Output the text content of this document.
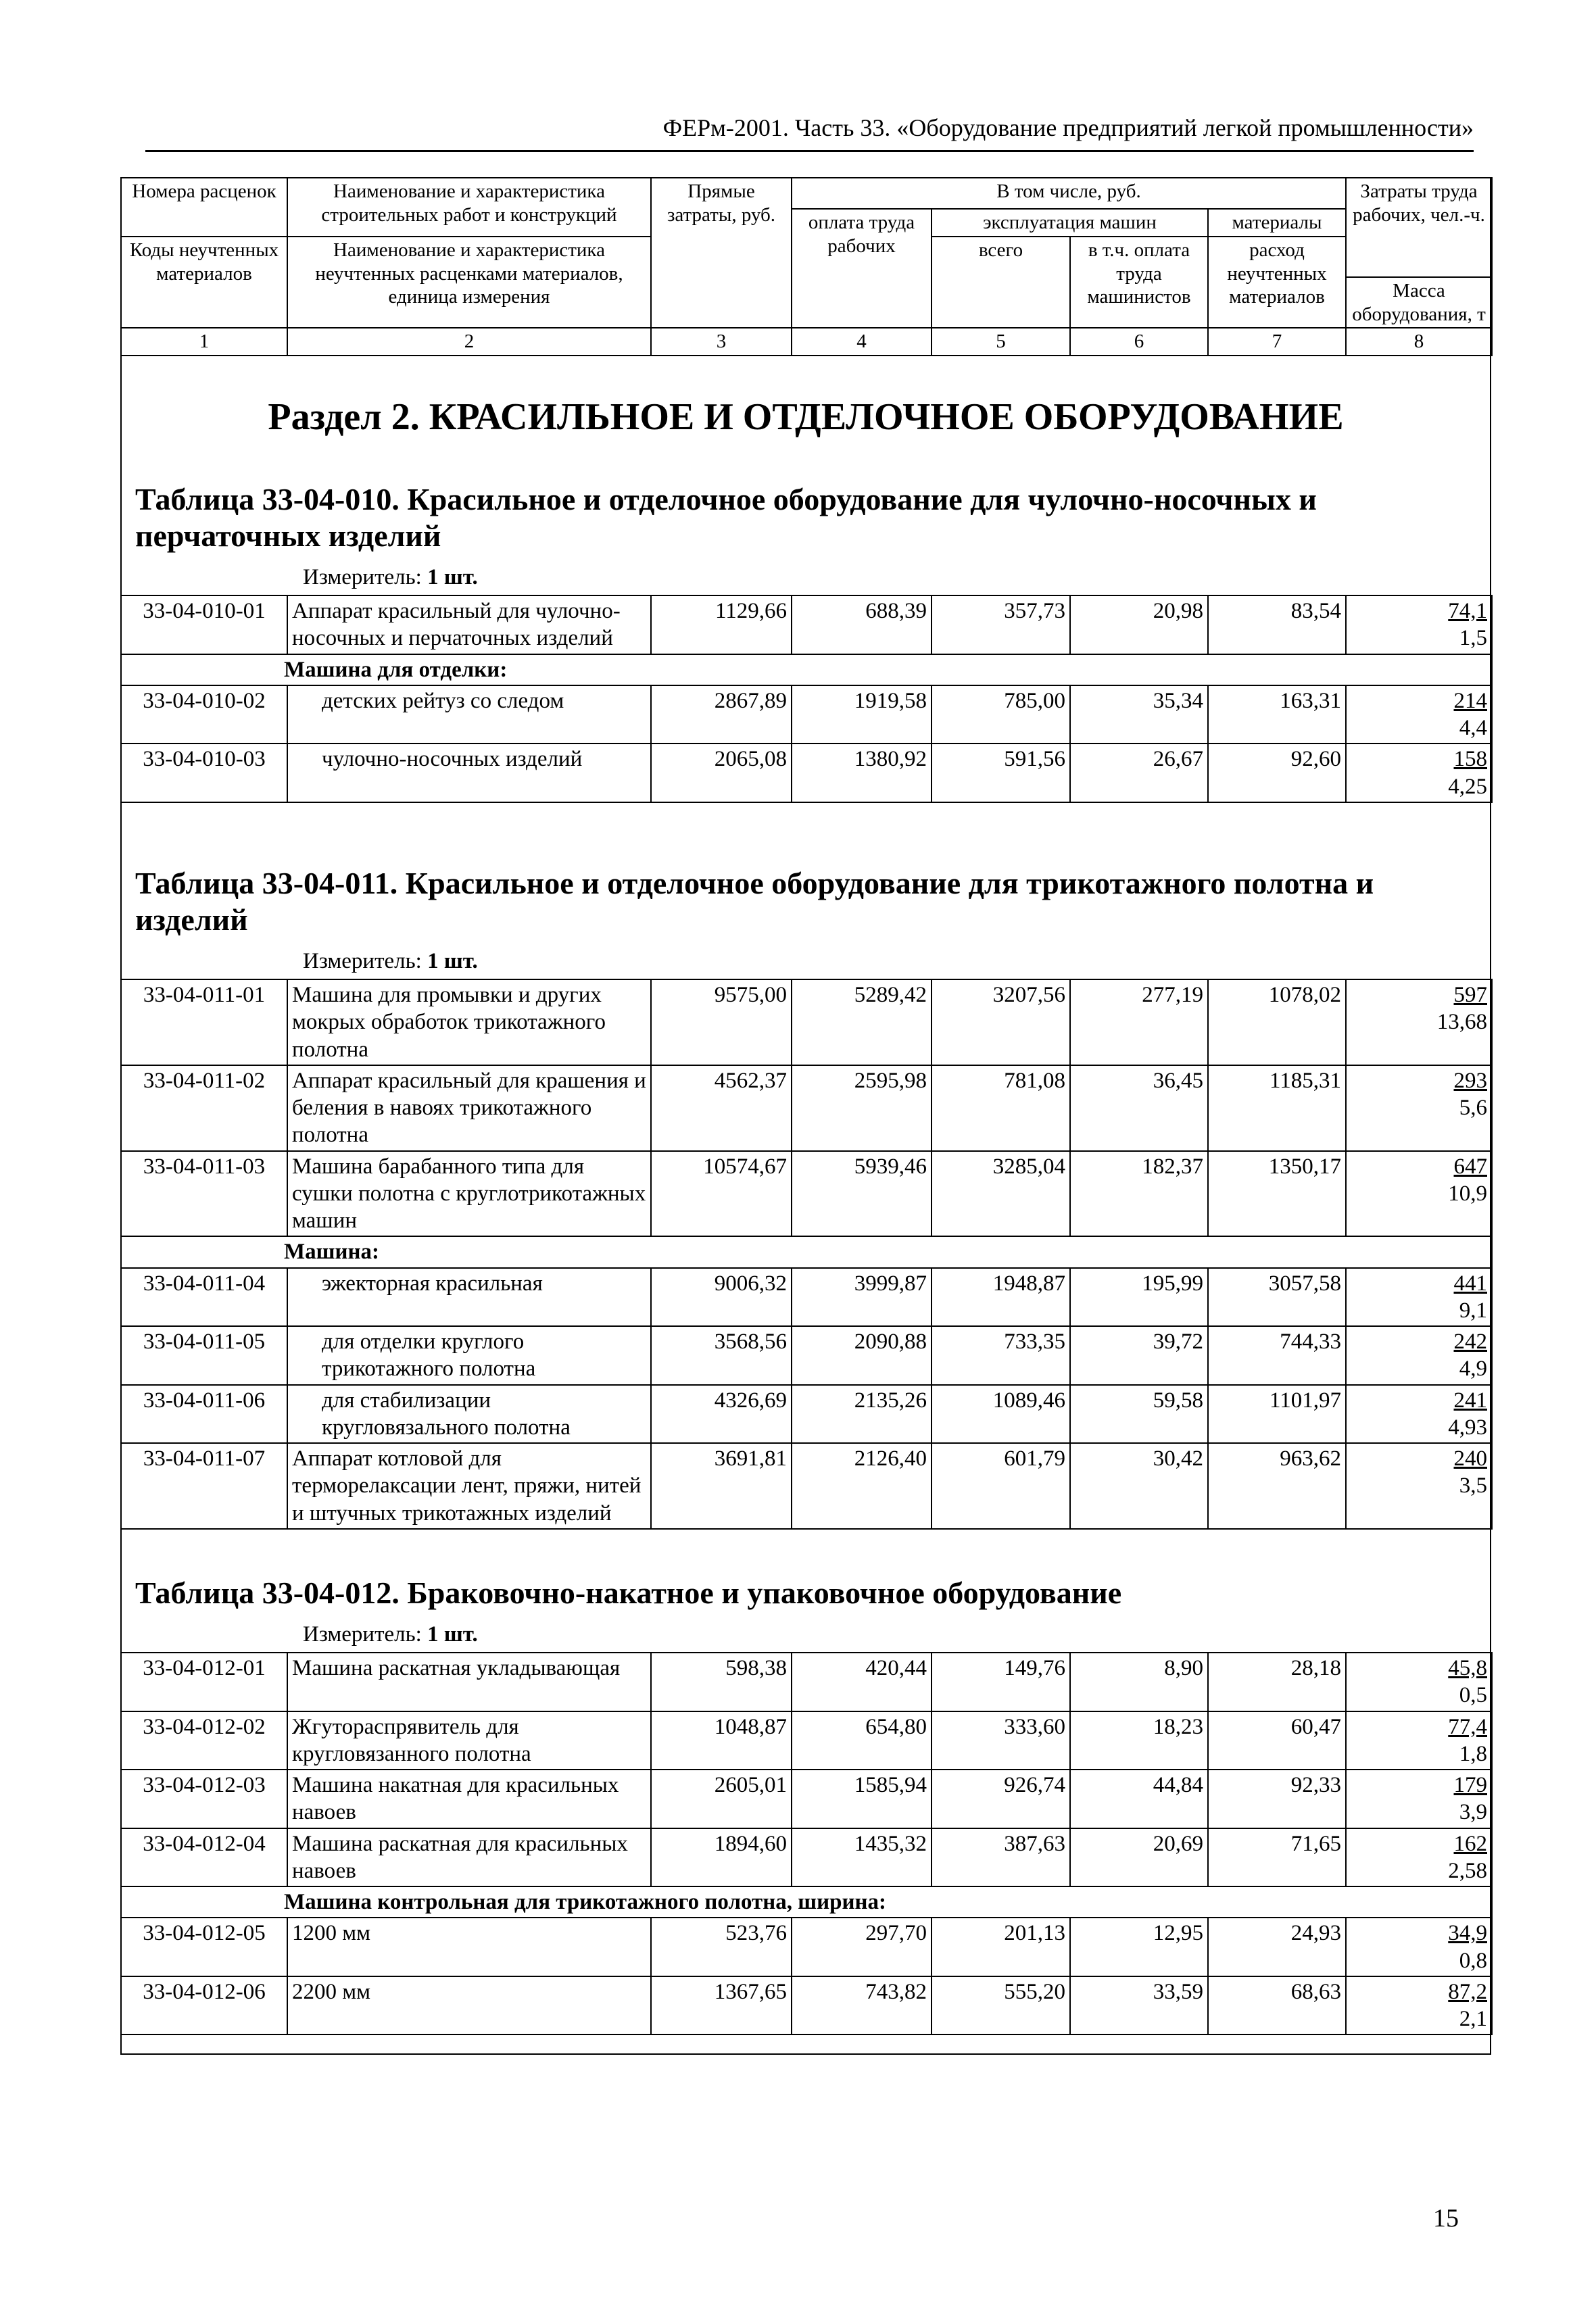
ФЕРм-2001. Часть 33. «Оборудование предприятий легкой промышленности»
Номера расценок	Наименование и характеристика строительных работ и конструкций	Прямые затраты, руб.	В том числе, руб.				Затраты труда рабочих, чел.-ч.
			оплата труда рабочих	эксплуатация машин		материалы	
Коды неучтенных материалов	Наименование и характеристика неучтенных расценками материалов, единица измерения			всего	в т.ч. оплата труда машинистов	расход неучтенных материалов	
							Масса оборудования, т
1	2	3	4	5	6	7	8
Раздел 2. КРАСИЛЬНОЕ И ОТДЕЛОЧНОЕ ОБОРУДОВАНИЕ
Таблица 33-04-010. Красильное и отделочное оборудование для чулочно-носочных и перчаточных изделий
Измеритель: 1 шт.
33-04-010-01	Аппарат красильный для чулочно-носочных и перчаточных изделий	1129,66	688,39	357,73	20,98	83,54	74,1
1,5

Машина для отделки:							
33-04-010-02	детских рейтуз со следом	2867,89	1919,58	785,00	35,34	163,31	214
4,4

33-04-010-03	чулочно-носочных изделий	2065,08	1380,92	591,56	26,67	92,60	158
4,25
Таблица 33-04-011. Красильное и отделочное оборудование для трикотажного полотна и изделий
Измеритель: 1 шт.
33-04-011-01	Машина для промывки и других мокрых обработок трикотажного полотна	9575,00	5289,42	3207,56	277,19	1078,02	597
13,68

33-04-011-02	Аппарат красильный для крашения и беления в навоях трикотажного полотна	4562,37	2595,98	781,08	36,45	1185,31	293
5,6

33-04-011-03	Машина барабанного типа для сушки полотна с круглотрикотажных машин	10574,67	5939,46	3285,04	182,37	1350,17	647
10,9

Машина:							
33-04-011-04	эжекторная красильная	9006,32	3999,87	1948,87	195,99	3057,58	441
9,1

33-04-011-05	для отделки круглого трикотажного полотна	3568,56	2090,88	733,35	39,72	744,33	242
4,9

33-04-011-06	для стабилизации кругловязального полотна	4326,69	2135,26	1089,46	59,58	1101,97	241
4,93

33-04-011-07	Аппарат котловой для терморелаксации лент, пряжи, нитей и штучных трикотажных изделий	3691,81	2126,40	601,79	30,42	963,62	240
3,5
Таблица 33-04-012. Браковочно-накатное и упаковочное оборудование
Измеритель: 1 шт.
33-04-012-01	Машина раскатная укладывающая	598,38	420,44	149,76	8,90	28,18	45,8
0,5

33-04-012-02	Жгутораспрявитель для кругловязанного полотна	1048,87	654,80	333,60	18,23	60,47	77,4
1,8

33-04-012-03	Машина накатная для красильных навоев	2605,01	1585,94	926,74	44,84	92,33	179
3,9

33-04-012-04	Машина раскатная для красильных навоев	1894,60	1435,32	387,63	20,69	71,65	162
2,58

Машина контрольная для трикотажного полотна, ширина:							
33-04-012-05	1200 мм	523,76	297,70	201,13	12,95	24,93	34,9
0,8

33-04-012-06	2200 мм	1367,65	743,82	555,20	33,59	68,63	87,2
2,1
15
